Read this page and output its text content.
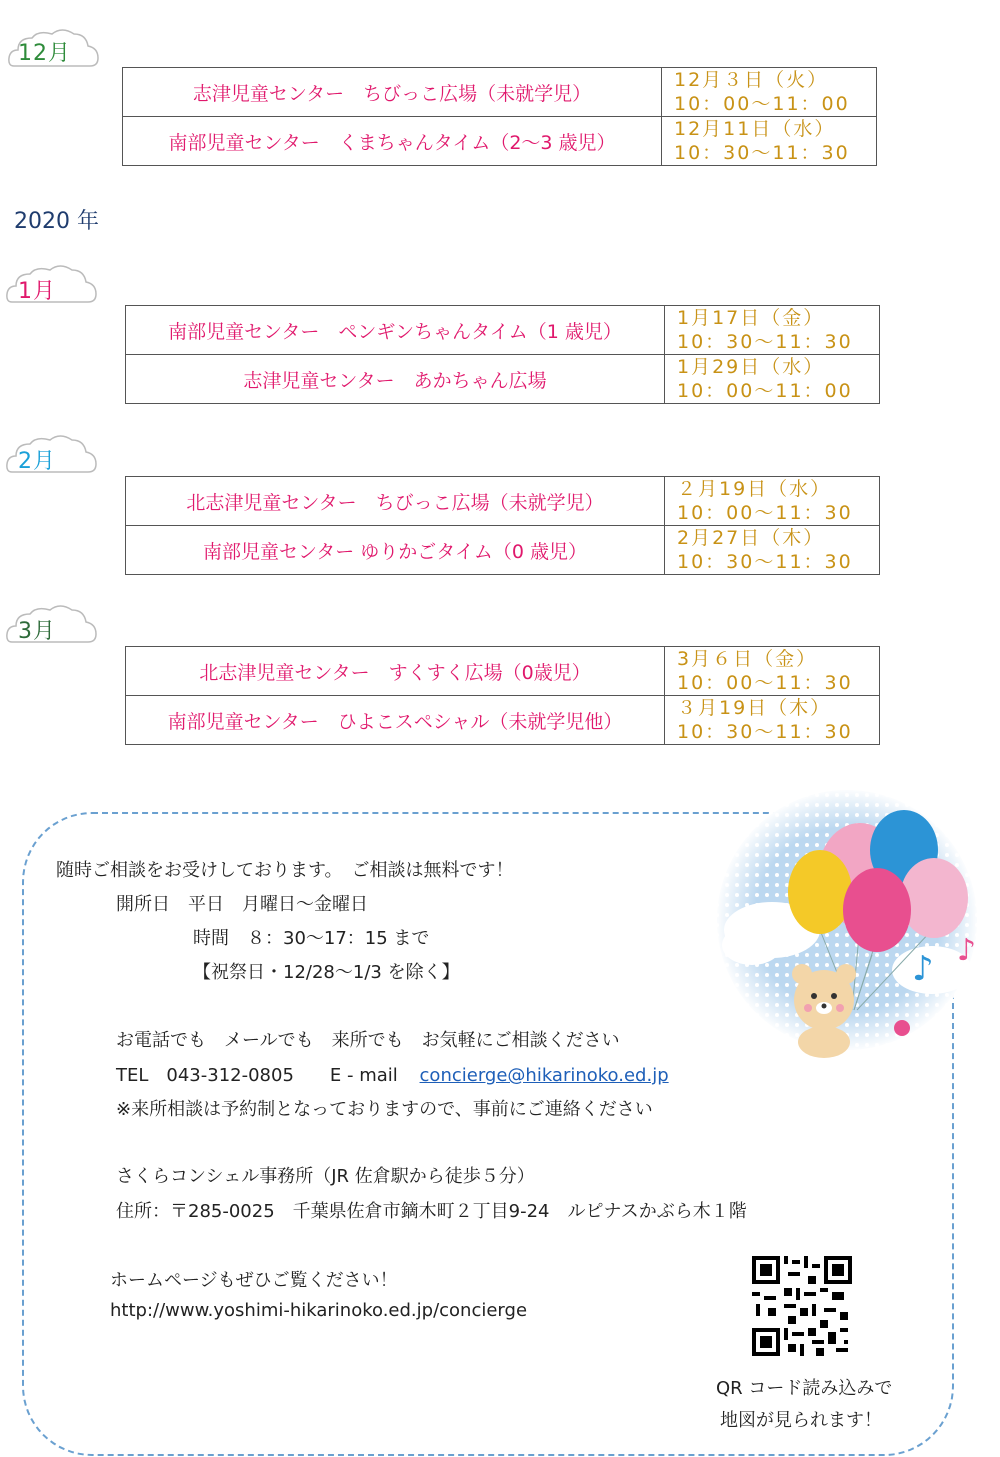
12月
志津児童センター　ちびっこ広場（未就学児）	12月３日（火）
10：00〜11：00

南部児童センター　くまちゃんタイム（2〜3 歳児）	12月11日（水）
10：30〜11：30
2020 年
1月
南部児童センター　ペンギンちゃんタイム（1 歳児）	1月17日（金）
10：30〜11：30

志津児童センター　あかちゃん広場	1月29日（水）
10：00〜11：00
2月
北志津児童センター　ちびっこ広場（未就学児）	２月19日（水）
10：00〜11：30

南部児童センター ゆりかごタイム（0 歳児）	2月27日（木）
10：30〜11：30
3月
北志津児童センター　すくすく広場（0歳児）	3月６日（金）
10：00〜11：30

南部児童センター　ひよこスペシャル（未就学児他）	３月19日（木）
10：30〜11：30
♪ ♪
随時ご相談をお受けしております。　ご相談は無料です！
開所日　平日　月曜日〜金曜日
時間　８：30〜17：15 まで
【祝祭日・12/28〜1/3 を除く】
お電話でも　メールでも　来所でも　お気軽にご相談ください
TEL　043-312-0805　　E - mail concierge@hikarinoko.ed.jp
※来所相談は予約制となっておりますので、事前にご連絡ください
さくらコンシェル事務所（JR 佐倉駅から徒歩５分）
住所：〒285-0025　千葉県佐倉市鏑木町２丁目9-24　ルピナスかぶら木１階
ホームページもぜひご覧ください！
http://www.yoshimi-hikarinoko.ed.jp/concierge
QR コード読み込みで
地図が見られます！
